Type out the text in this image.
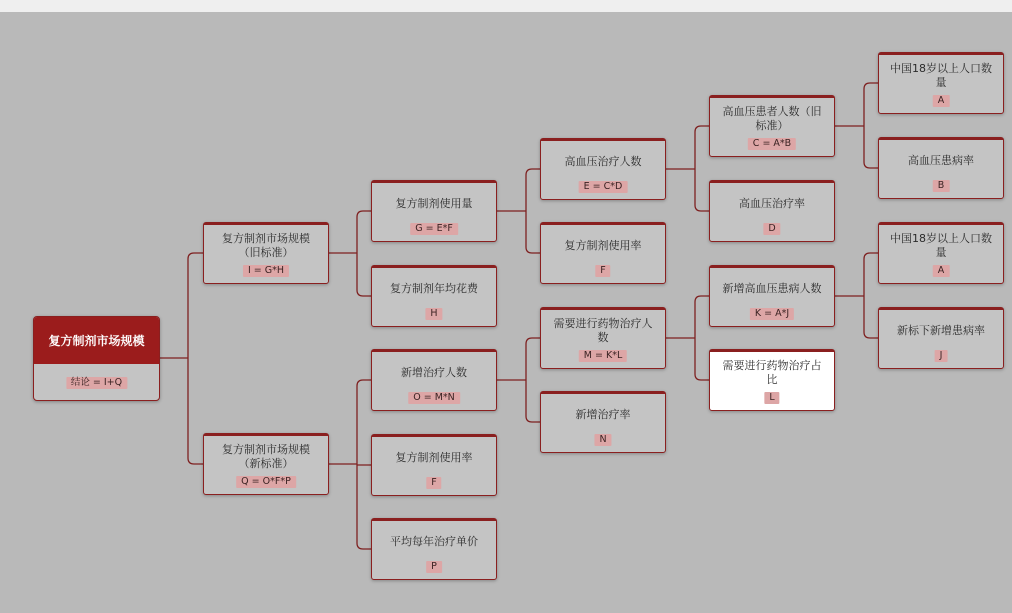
复方制剂市场规模
结论 = I+Q
复方制剂市场规模（旧标准）
I = G*H
复方制剂市场规模（新标准）
Q = O*F*P
复方制剂使用量
G = E*F
复方制剂年均花费
H
新增治疗人数
O = M*N
复方制剂使用率
F
平均每年治疗单价
P
高血压治疗人数
E = C*D
复方制剂使用率
F
需要进行药物治疗人数
M = K*L
新增治疗率
N
高血压患者人数（旧标准）
C = A*B
高血压治疗率
D
新增高血压患病人数
K = A*J
需要进行药物治疗占比
L
中国18岁以上人口数量
A
高血压患病率
B
中国18岁以上人口数量
A
新标下新增患病率
J
